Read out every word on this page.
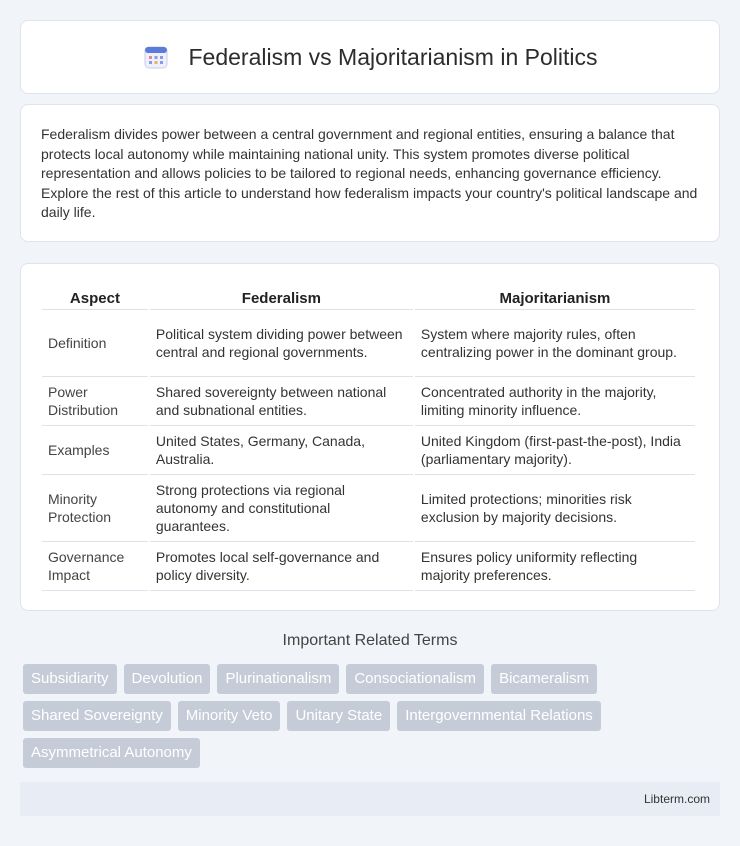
Federalism vs Majoritarianism in Politics

Federalism divides power between a central government and regional entities, ensuring a balance that protects local autonomy while maintaining national unity. This system promotes diverse political representation and allows policies to be tailored to regional needs, enhancing governance efficiency. Explore the rest of this article to understand how federalism impacts your country's political landscape and daily life.

Aspect	Federalism	Majoritarianism
Definition	Political system dividing power between central and regional governments.	System where majority rules, often centralizing power in the dominant group.
Power Distribution	Shared sovereignty between national and subnational entities.	Concentrated authority in the majority, limiting minority influence.
Examples	United States, Germany, Canada, Australia.	United Kingdom (first-past-the-post), India (parliamentary majority).
Minority Protection	Strong protections via regional autonomy and constitutional guarantees.	Limited protections; minorities risk exclusion by majority decisions.
Governance Impact	Promotes local self-governance and policy diversity.	Ensures policy uniformity reflecting majority preferences.
Important Related Terms
Subsidiarity	Devolution	Plurinationalism	Consociationalism	Bicameralism
Shared Sovereignty	Minority Veto	Unitary State	Intergovernmental Relations
Asymmetrical Autonomy
Libterm.com
